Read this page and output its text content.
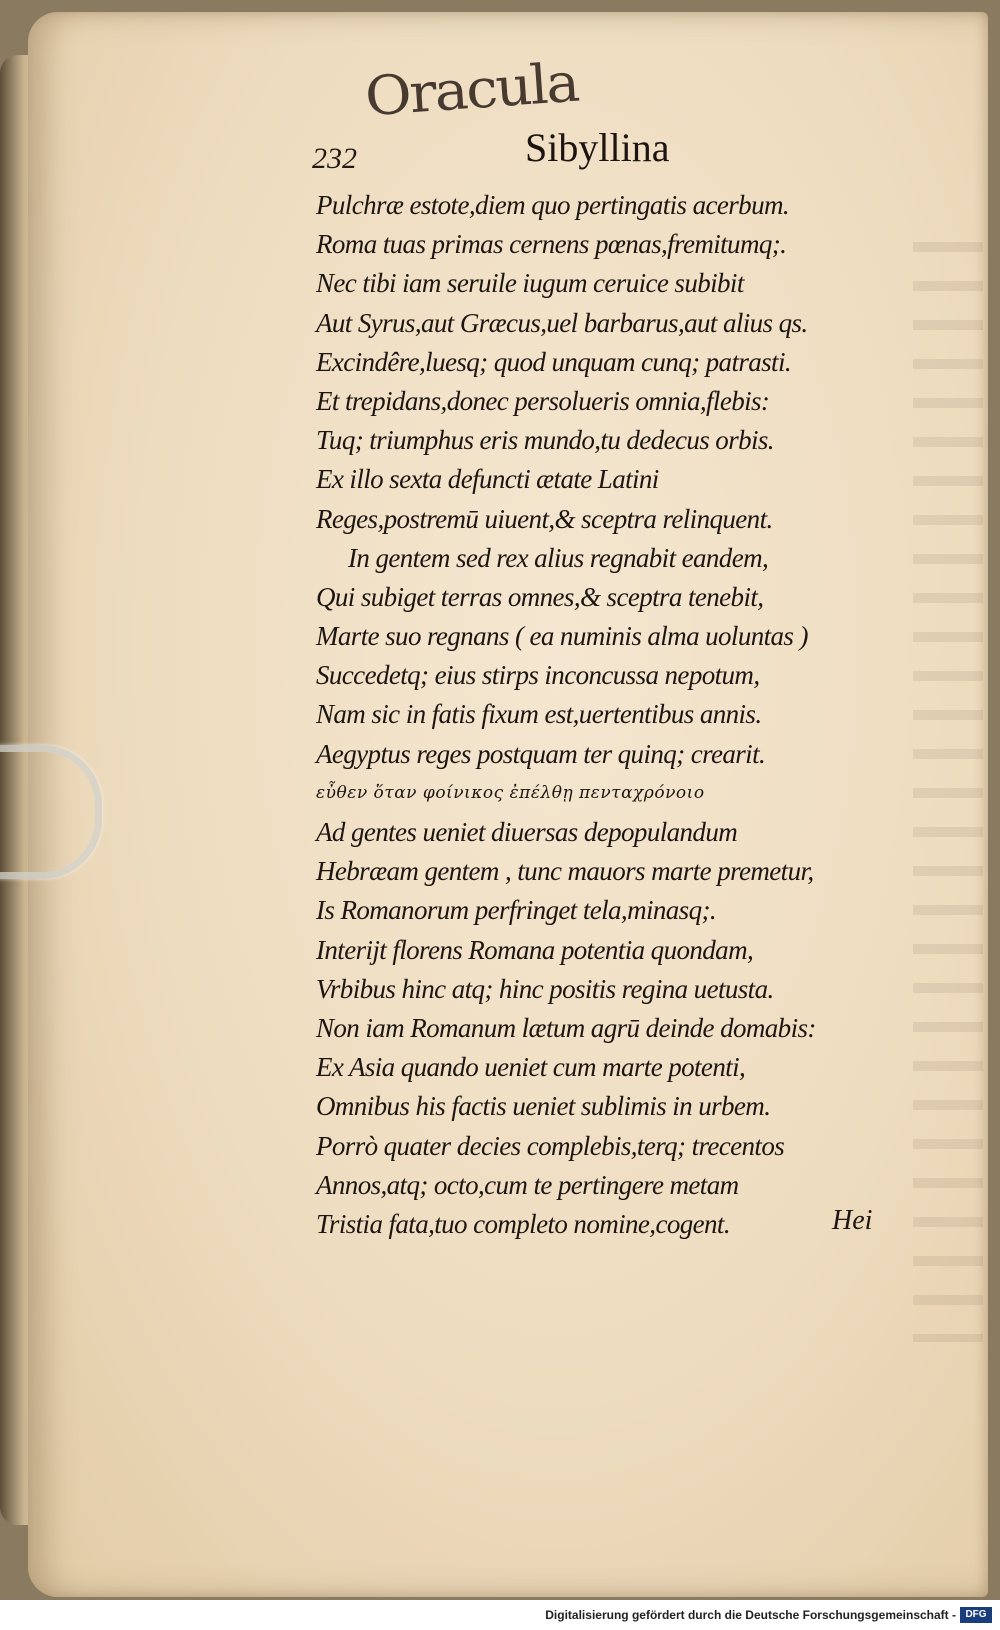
Oracula
232	Sibyllina
Pulchræ estote,diem quo pertingatis acerbum.
Roma tuas primas cernens pœnas,fremitumq;.
Nec tibi iam seruile iugum ceruice subibit
Aut Syrus,aut Græcus,uel barbarus,aut alius qs.
Excindêre,luesq; quod unquam cunq; patrasti.
Et trepidans,donec persolueris omnia,flebis:
Tuq; triumphus eris mundo,tu dedecus orbis.
Ex illo sexta defuncti ætate Latini
Reges,postremū uiuent,& sceptra relinquent.
In gentem sed rex alius regnabit eandem,
Qui subiget terras omnes,& sceptra tenebit,
Marte suo regnans ( ea numinis alma uoluntas )
Succedetq; eius stirps inconcussa nepotum,
Nam sic in fatis fixum est,uertentibus annis.
Aegyptus reges postquam ter quinq; crearit.
εὖθεν ὅταν φοίνικος ἐπέλθῃ πενταχρόνοιο
Ad gentes ueniet diuersas depopulandum
Hebræam gentem , tunc mauors marte premetur,
Is Romanorum perfringet tela,minasq;.
Interijt florens Romana potentia quondam,
Vrbibus hinc atq; hinc positis regina uetusta.
Non iam Romanum lætum agrū deinde domabis:
Ex Asia quando ueniet cum marte potenti,
Omnibus his factis ueniet sublimis in urbem.
Porrò quater decies complebis,terq; trecentos
Annos,atq; octo,cum te pertingere metam
Tristia fata,tuo completo nomine,cogent.	Hei
Digitalisierung gefördert durch die Deutsche Forschungsgemeinschaft - DFG
